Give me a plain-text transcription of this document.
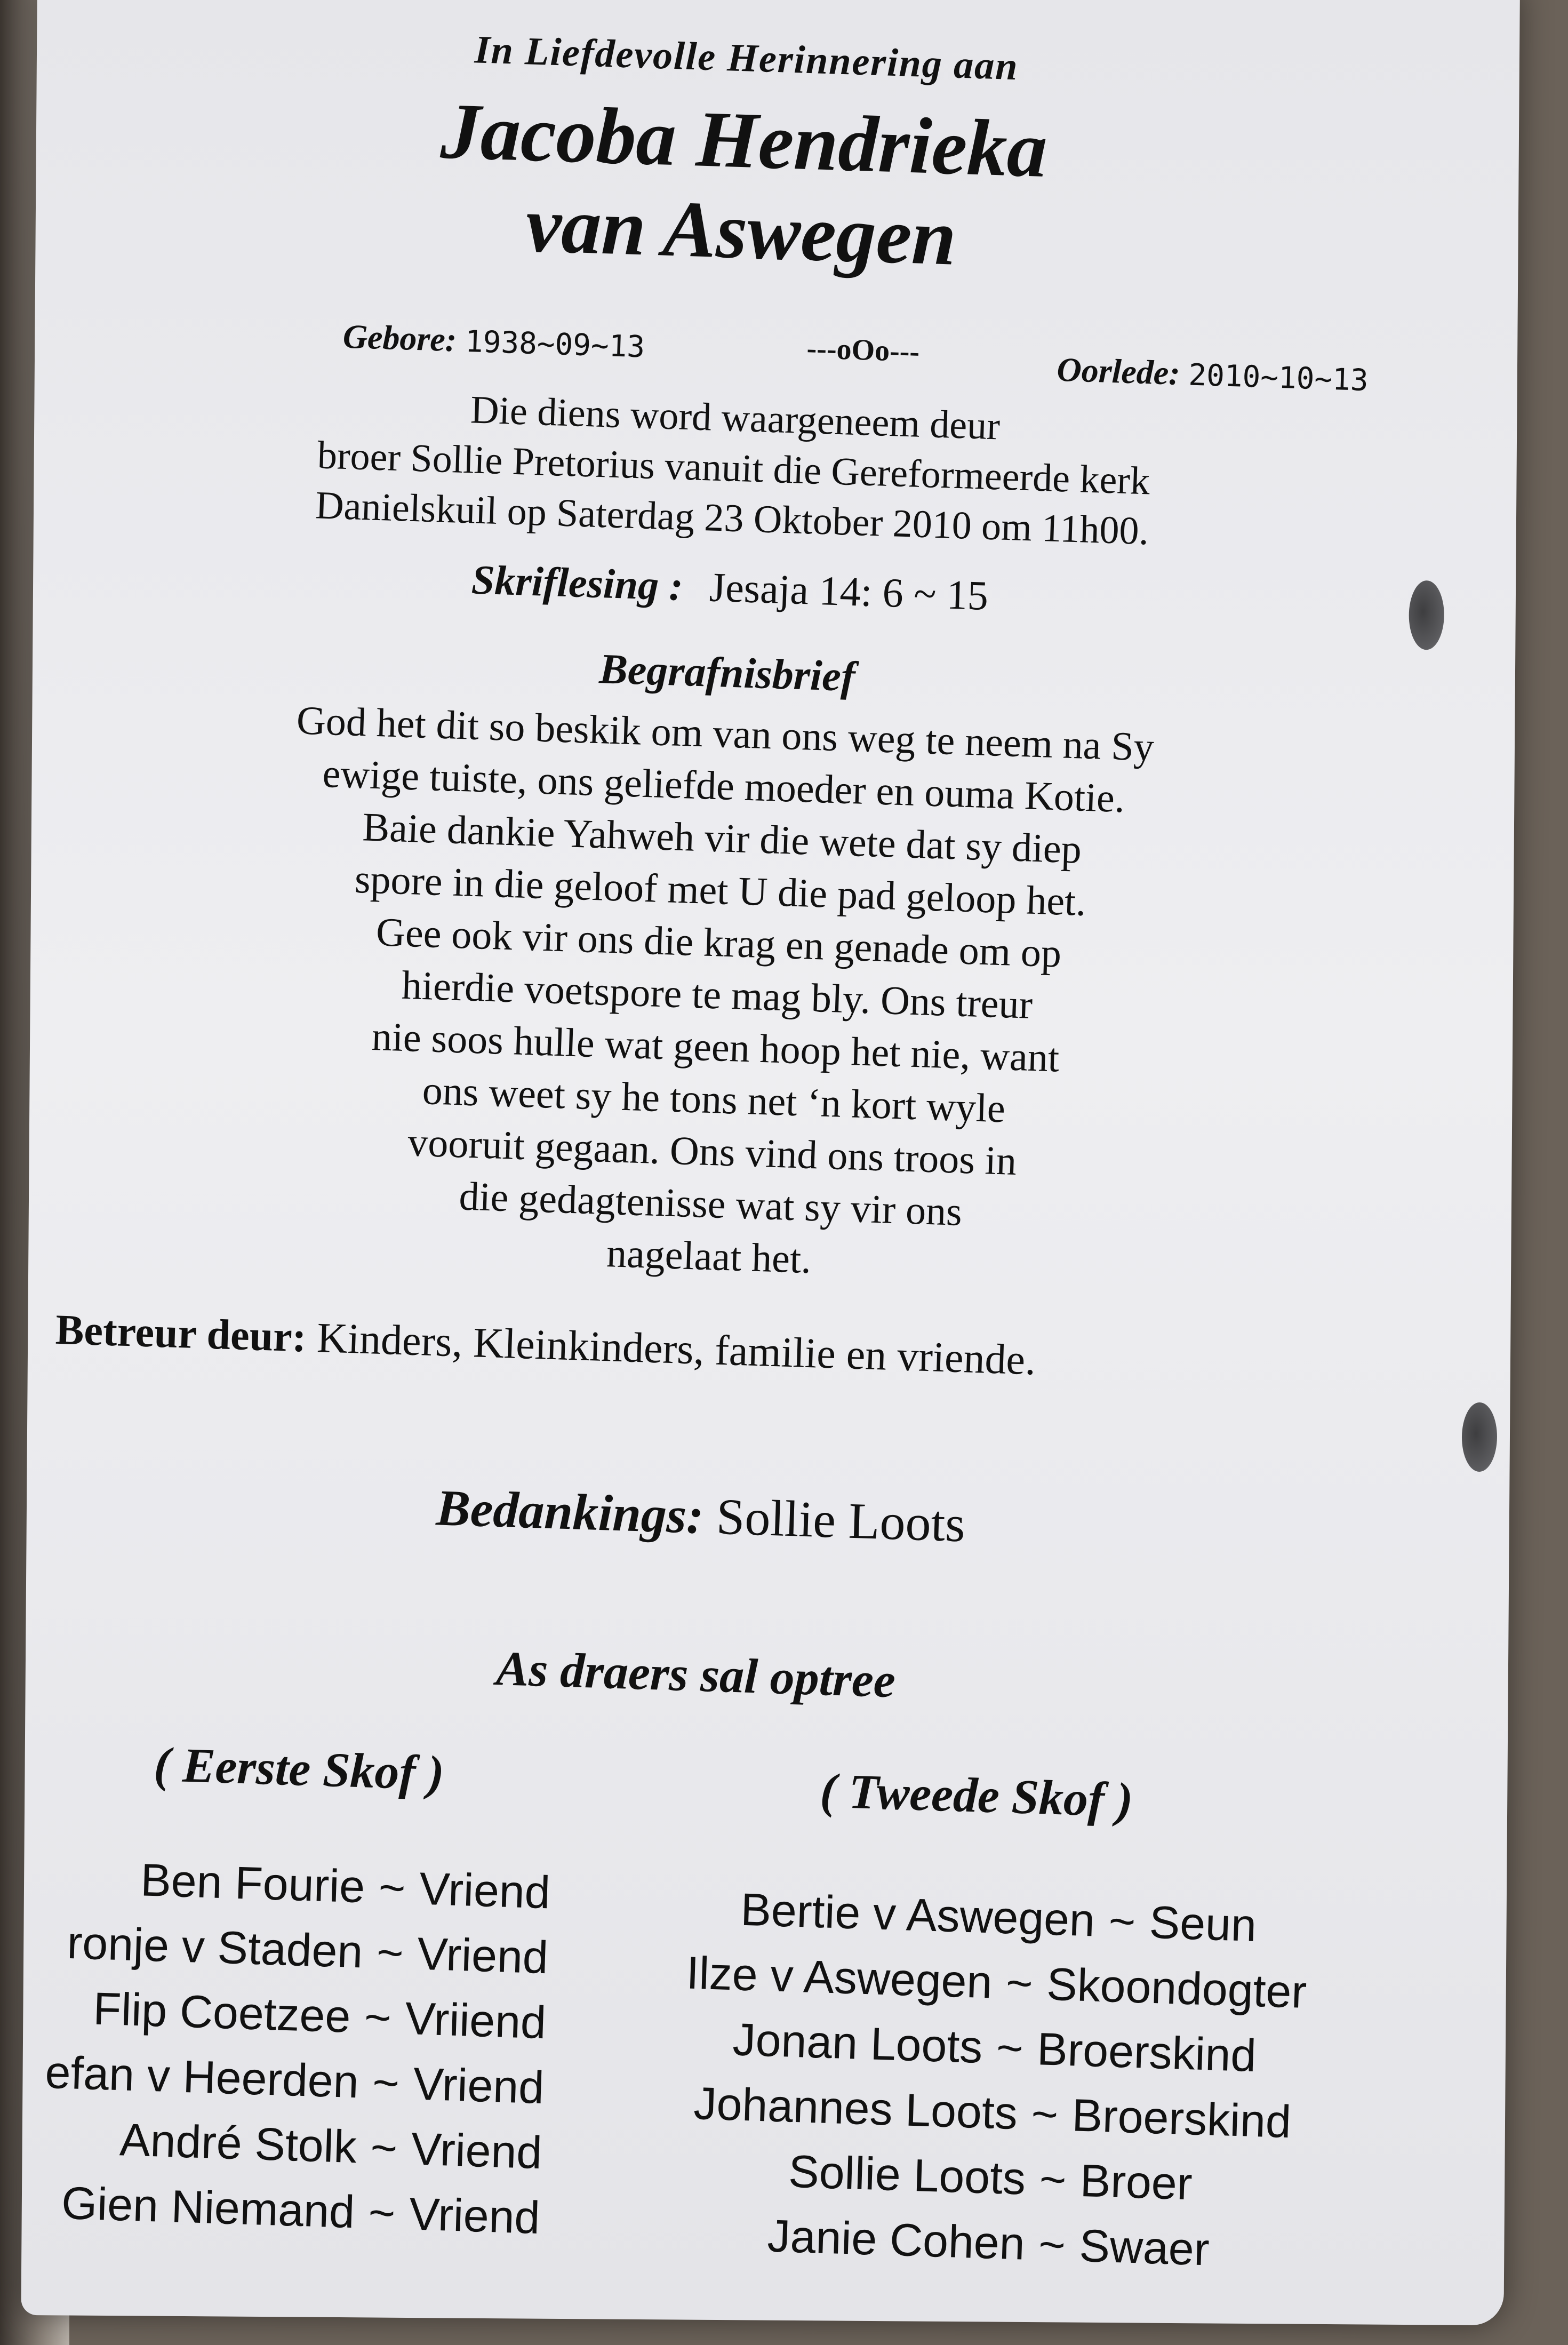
In Liefdevolle Herinnering aan
Jacoba Hendrieka
van Aswegen
Gebore: 1938~09~13	---oOo---
Oorlede: 2010~10~13
Die diens word waargeneem deur
broer Sollie Pretorius vanuit die Gereformeerde kerk
Danielskuil op Saterdag 23 Oktober 2010 om 11h00.
Skriflesing : Jesaja 14: 6 ~ 15
Begrafnisbrief
God het dit so beskik om van ons weg te neem na Sy
ewige tuiste, ons geliefde moeder en ouma Kotie.
Baie dankie Yahweh vir die wete dat sy diep
spore in die geloof met U die pad geloop het.
Gee ook vir ons die krag en genade om op
hierdie voetspore te mag bly. Ons treur
nie soos hulle wat geen hoop het nie, want
ons weet sy he tons net ‘n kort wyle
vooruit gegaan. Ons vind ons troos in
die gedagtenisse wat sy vir ons
nagelaat het.
Betreur deur: Kinders, Kleinkinders, familie en vriende.
Bedankings: Sollie Loots
As draers sal optree
( Eerste Skof )	( Tweede Skof )
Ben Fourie ~ Vriend
ronje v Staden ~ Vriend
Flip Coetzee ~ Vriiend
efan v Heerden ~ Vriend
André Stolk ~ Vriend
Gien Niemand ~ Vriend
Bertie v Aswegen ~ Seun
Ilze v Aswegen ~ Skoondogter
Jonan Loots ~ Broerskind
Johannes Loots ~ Broerskind
Sollie Loots ~ Broer
Janie Cohen ~ Swaer
